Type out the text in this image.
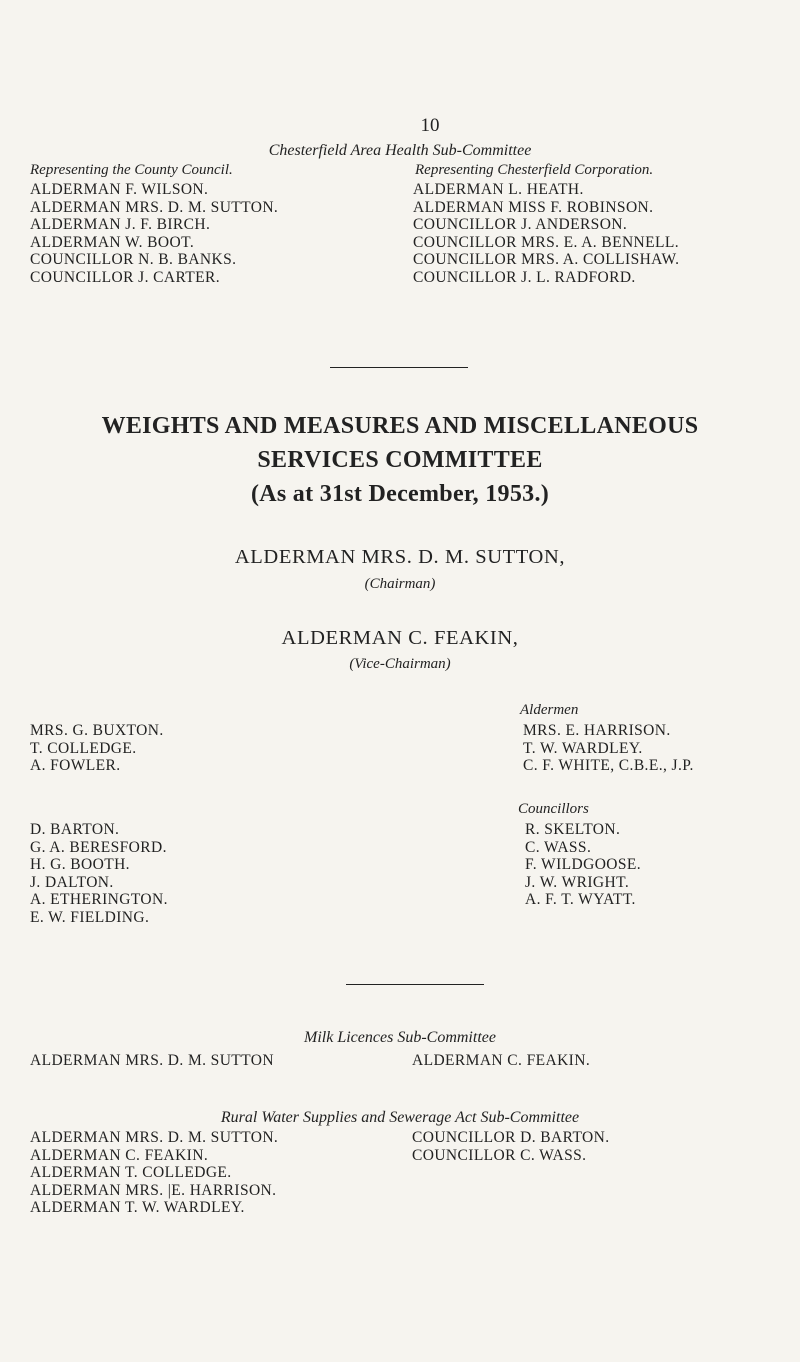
10
Chesterfield Area Health Sub-Committee
Representing the County Council.	Representing Chesterfield Corporation.
ALDERMAN F. WILSON.
ALDERMAN MRS. D. M. SUTTON.
ALDERMAN J. F. BIRCH.
ALDERMAN W. BOOT.
COUNCILLOR N. B. BANKS.
COUNCILLOR J. CARTER.
ALDERMAN L. HEATH.
ALDERMAN MISS F. ROBINSON.
COUNCILLOR J. ANDERSON.
COUNCILLOR MRS. E. A. BENNELL.
COUNCILLOR MRS. A. COLLISHAW.
COUNCILLOR J. L. RADFORD.
WEIGHTS AND MEASURES AND MISCELLANEOUS
SERVICES COMMITTEE
(As at 31st December, 1953.)
ALDERMAN MRS. D. M. SUTTON,
(Chairman)
ALDERMAN C. FEAKIN,
(Vice-Chairman)
Aldermen
MRS. G. BUXTON.
T. COLLEDGE.
A. FOWLER.
MRS. E. HARRISON.
T. W. WARDLEY.
C. F. WHITE, C.B.E., J.P.
Councillors
D. BARTON.
G. A. BERESFORD.
H. G. BOOTH.
J. DALTON.
A. ETHERINGTON.
E. W. FIELDING.
R. SKELTON.
C. WASS.
F. WILDGOOSE.
J. W. WRIGHT.
A. F. T. WYATT.
Milk Licences Sub-Committee
ALDERMAN MRS. D. M. SUTTON	ALDERMAN C. FEAKIN.
Rural Water Supplies and Sewerage Act Sub-Committee
ALDERMAN MRS. D. M. SUTTON.
ALDERMAN C. FEAKIN.
ALDERMAN T. COLLEDGE.
ALDERMAN MRS. |E. HARRISON.
ALDERMAN T. W. WARDLEY.
COUNCILLOR D. BARTON.
COUNCILLOR C. WASS.
